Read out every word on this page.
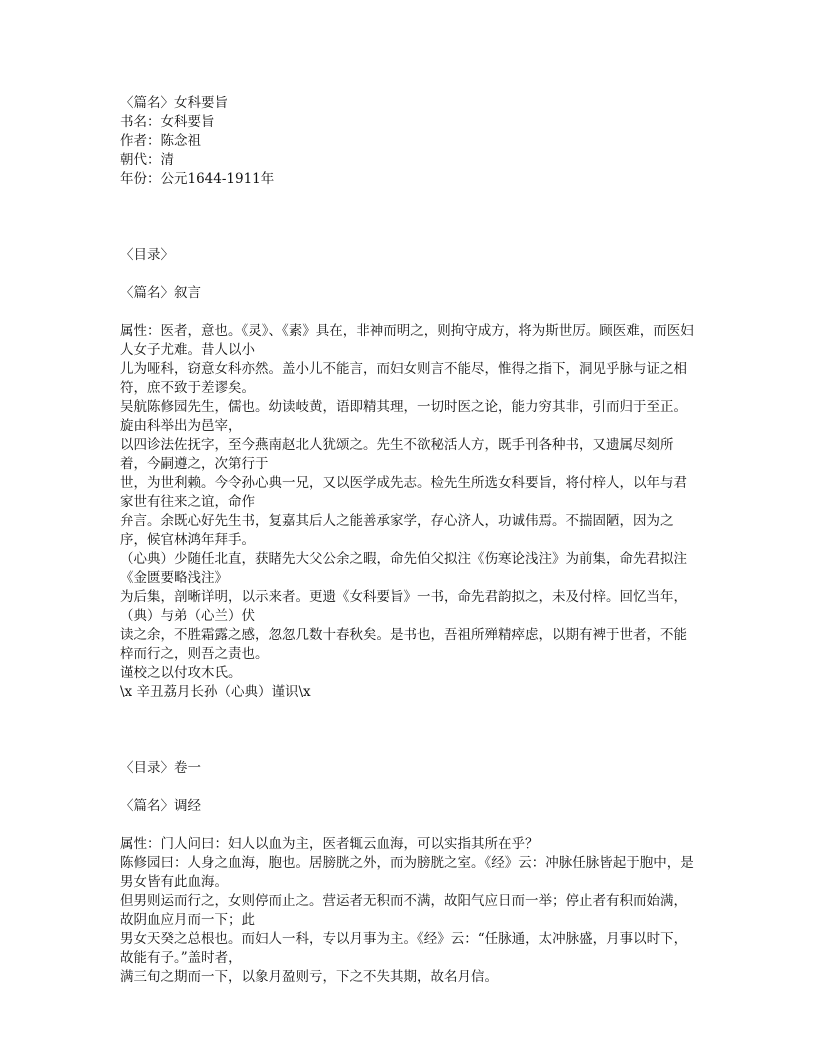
〈篇名〉女科要旨

书名：女科要旨

作者：陈念祖

朝代：清

年份：公元1644-1911年

〈目录〉

〈篇名〉叙言

属性：医者，意也。《灵》、《素》具在，非神而明之，则拘守成方，将为斯世厉。顾医难，而医妇人女子尤难。昔人以小

儿为哑科，窃意女科亦然。盖小儿不能言，而妇女则言不能尽，惟得之指下，洞见乎脉与证之相符，庶不致于差谬矣。

吴航陈修园先生，儒也。幼读岐黄，语即精其理，一切时医之论，能力穷其非，引而归于至正。旋由科举出为邑宰，

以四诊法佐抚字，至今燕南赵北人犹颂之。先生不欲秘活人方，既手刊各种书，又遗属尽刻所着，今嗣遵之，次第行于

世，为世利赖。今令孙心典一兄，又以医学成先志。检先生所选女科要旨，将付梓人，以年与君家世有往来之谊，命作

弁言。余既心好先生书，复嘉其后人之能善承家学，存心济人，功诚伟焉。不揣固陋，因为之序，候官林鸿年拜手。

（心典）少随任北直，获睹先大父公余之暇，命先伯父拟注《伤寒论浅注》为前集，命先君拟注《金匮要略浅注》

为后集，剖晰详明，以示来者。更遗《女科要旨》一书，命先君韵拟之，未及付梓。回忆当年，（典）与弟（心兰）伏

读之余，不胜霜露之感，忽忽几数十春秋矣。是书也，吾祖所殚精瘁虑，以期有裨于世者，不能梓而行之，则吾之责也。

谨校之以付攻木氏。

\x 辛丑荔月长孙（心典）谨识\x

〈目录〉卷一

〈篇名〉调经

属性：门人问曰：妇人以血为主，医者辄云血海，可以实指其所在乎？

陈修园曰：人身之血海，胞也。居膀胱之外，而为膀胱之室。《经》云：冲脉任脉皆起于胞中，是男女皆有此血海。

但男则运而行之，女则停而止之。营运者无积而不满，故阳气应日而一举；停止者有积而始满，故阴血应月而一下；此

男女天癸之总根也。而妇人一科，专以月事为主。《经》云：“任脉通，太冲脉盛，月事以时下，故能有子。”盖时者，

满三旬之期而一下，以象月盈则亏，下之不失其期，故名月信。
